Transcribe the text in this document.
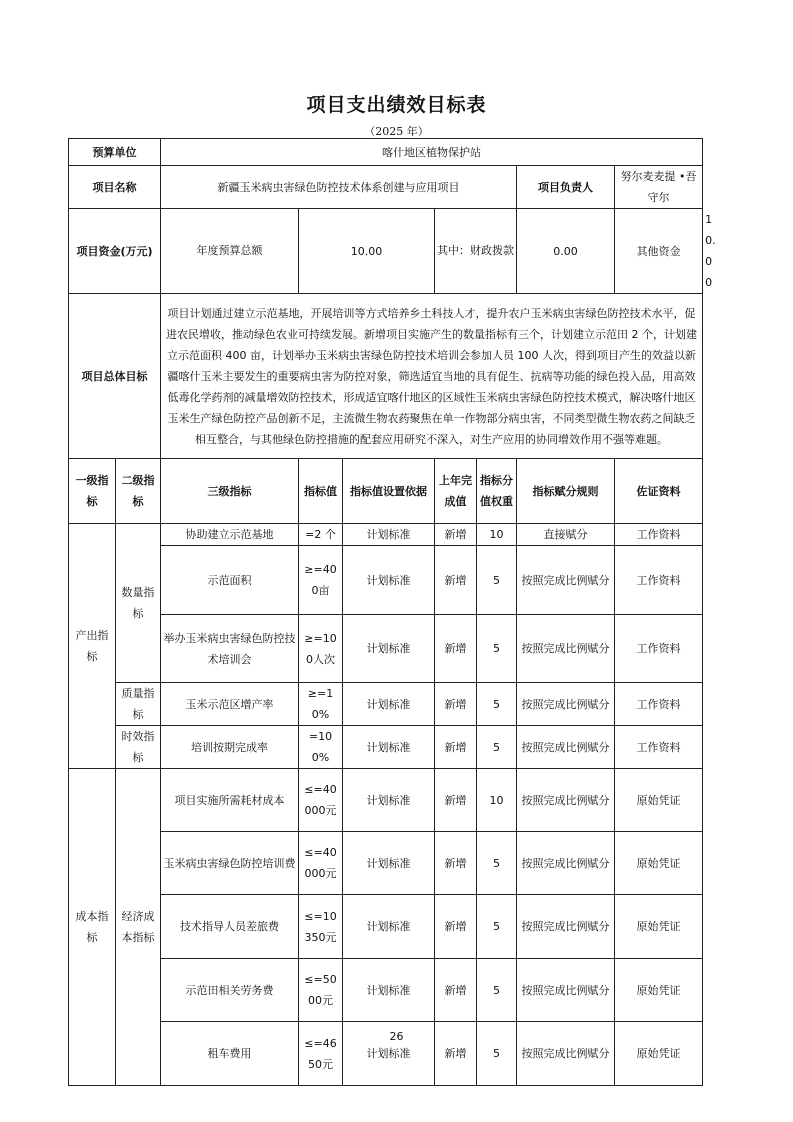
项目支出绩效目标表
（2025 年）
预算单位		喀什地区植物保护站							
项目名称		新疆玉米病虫害绿色防控技术体系创建与应用项目					项目负责人	努尔麦麦提 •吾守尔	
项目资金(万元)		年度预算总额	10.00		其中：财政拨款		0.00	其他资金	10.00
项目总体目标		项目计划通过建立示范基地，开展培训等方式培养乡土科技人才，提升农户玉米病虫害绿色防控技术水平，促进农民增收，推动绿色农业可持续发展。新增项目实施产生的数量指标有三个，计划建立示范田 2 个，计划建立示范面积 400 亩，计划举办玉米病虫害绿色防控技术培训会参加人员 100 人次，得到项目产生的效益以新疆喀什玉米主要发生的重要病虫害为防控对象，筛选适宜当地的具有促生、抗病等功能的绿色投入品，用高效低毒化学药剂的减量增效防控技术，形成适宜喀什地区的区域性玉米病虫害绿色防控技术模式，解决喀什地区玉米生产绿色防控产品创新不足，主流微生物农药聚焦在单一作物部分病虫害，不同类型微生物农药之间缺乏相互整合，与其他绿色防控措施的配套应用研究不深入，对生产应用的协同增效作用不强等难题。							
一级指标	二级指标	三级指标	指标值	指标值设置依据	上年完成值	指标分值权重	指标赋分规则	佐证资料	
产出指标	数量指标	协助建立示范基地	=2 个	计划标准	新增	10	直接赋分	工作资料	
		示范面积	≥=400亩	计划标准	新增	5	按照完成比例赋分	工作资料	
		举办玉米病虫害绿色防控技术培训会	≥=100人次	计划标准	新增	5	按照完成比例赋分	工作资料	
	质量指标	玉米示范区增产率	≥=10%	计划标准	新增	5	按照完成比例赋分	工作资料	
	时效指标	培训按期完成率	=100%	计划标准	新增	5	按照完成比例赋分	工作资料	
成本指标	经济成本指标	项目实施所需耗材成本	≤=40000元	计划标准	新增	10	按照完成比例赋分	原始凭证	
		玉米病虫害绿色防控培训费	≤=40000元	计划标准	新增	5	按照完成比例赋分	原始凭证	
		技术指导人员差旅费	≤=10350元	计划标准	新增	5	按照完成比例赋分	原始凭证	
		示范田相关劳务费	≤=5000元	计划标准	新增	5	按照完成比例赋分	原始凭证	
		租车费用	≤=4650元	计划标准	新增	5	按照完成比例赋分	原始凭证	
26
